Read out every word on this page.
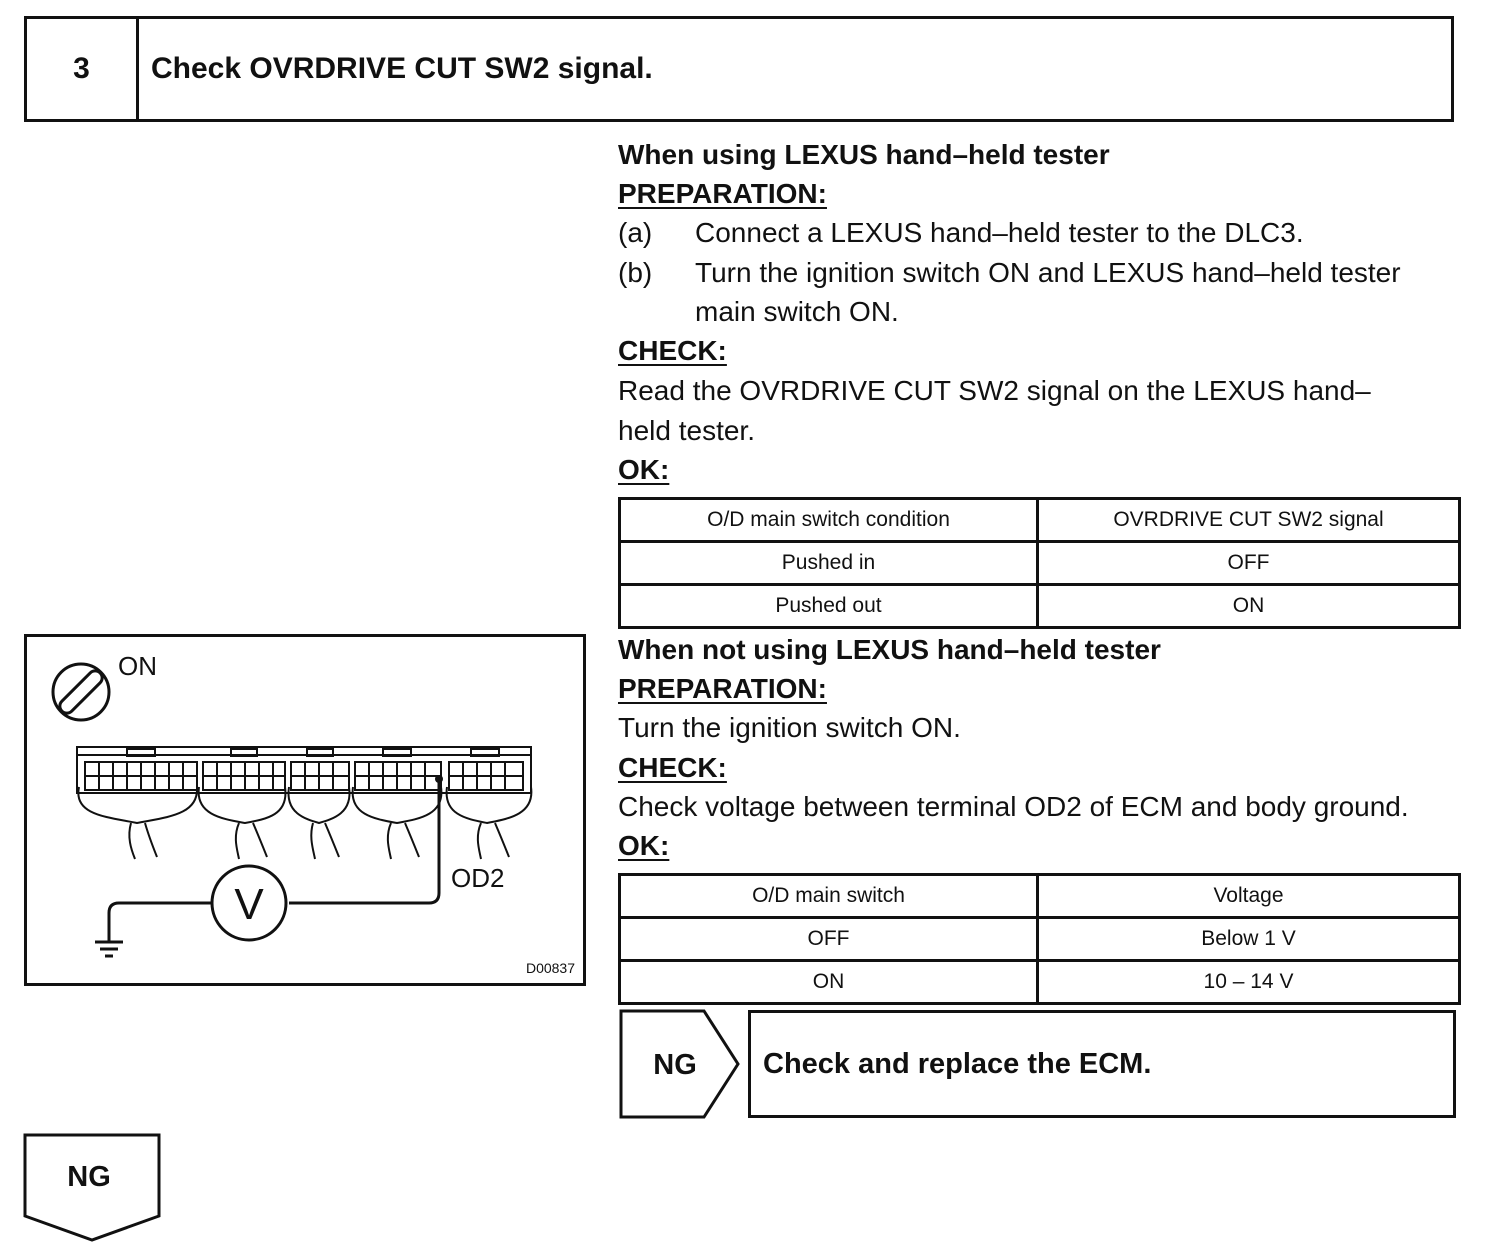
3	Check OVRDRIVE CUT SW2 signal.
When using LEXUS hand–held tester
PREPARATION:
(a) Connect a LEXUS hand–held tester to the DLC3.
(b) Turn the ignition switch ON and LEXUS hand–held tester
main switch ON.
CHECK:
Read the OVRDRIVE CUT SW2 signal on the LEXUS hand–
held tester.
OK:
O/D main switch condition	OVRDRIVE CUT SW2 signal
Pushed in	OFF
Pushed out	ON
When not using LEXUS hand–held tester
PREPARATION:
Turn the ignition switch ON.
CHECK:
Check voltage between terminal OD2 of ECM and body ground.
OK:
O/D main switch	Voltage
OFF	Below 1 V
ON	10 – 14 V
NG Check and replace the ECM.
NG
ON
OD2
V
D00837
